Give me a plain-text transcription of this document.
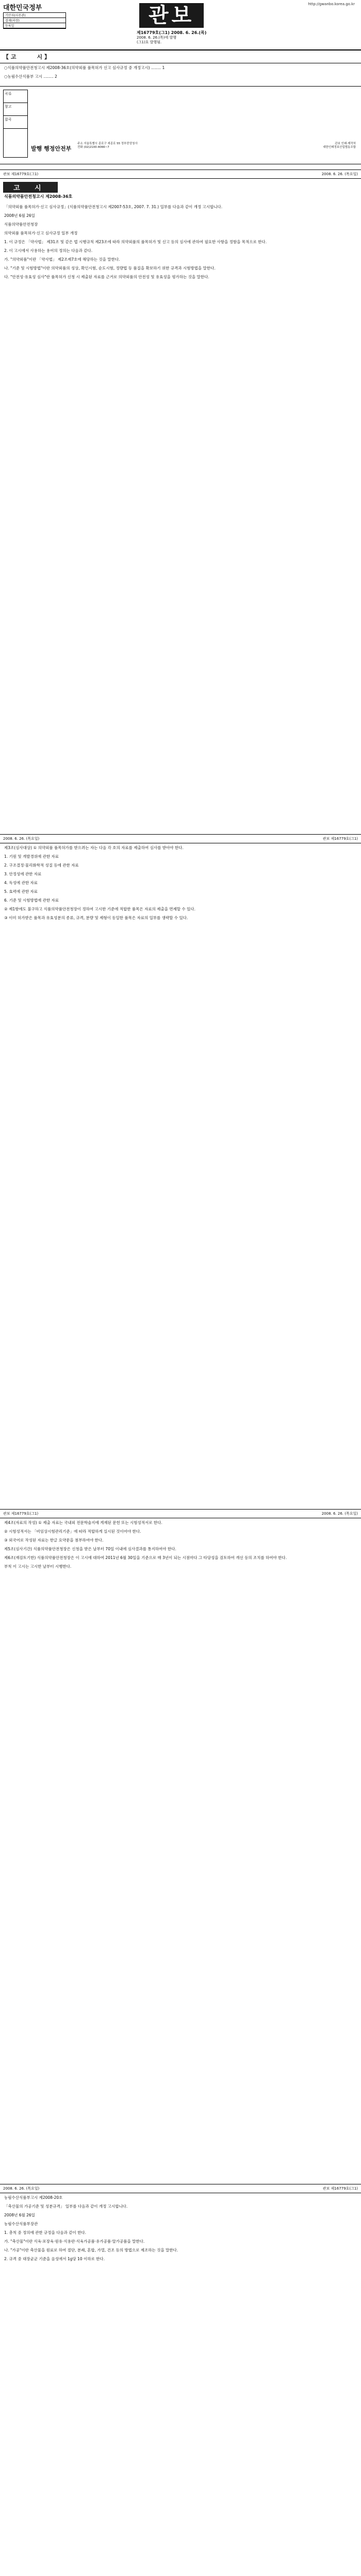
대한민국정부	http://gwanbo.korea.go.kr
기안자(사무관)
결재(과장)
등록일	관보
제16779호(그1) 2008. 6. 26.(목)
2008. 6. 26.(목)에 발행
(그1)호 발행됨.
【 고	시 】

○식품의약품안전청고시 제2008-36호(의약외품 품목허가 신고 심사규정 중 개정고시) ........ 1

○농림수산식품부 고시 ........ 2

곡류
창고
잡곡
발행 행정안전부
주소 서울특별시 종로구 세종로 55 정부중앙청사
전화 (02)2100-4066~7
관보 인쇄·제작처
대한인쇄정보산업협동조합
관보 제16779호(그1)	2008. 6. 26. (목요일)
고 시
식품의약품안전청고시 제2008-36호

「의약외품 품목허가·신고 심사규정」(식품의약품안전청고시 제2007-53호, 2007. 7. 31.) 일부를 다음과 같이 개정 고시합니다.

2008년 6월 26일

식품의약품안전청장

의약외품 품목허가·신고 심사규정 일부 개정

1. 이 규정은 「약사법」 제31조 및 같은 법 시행규칙 제23조에 따라 의약외품의 품목허가 및 신고 등의 심사에 관하여 필요한 사항을 정함을 목적으로 한다.

2. 이 고시에서 사용하는 용어의 정의는 다음과 같다.

가. "의약외품"이란 「약사법」 제2조제7호에 해당하는 것을 말한다.

나. "기준 및 시험방법"이란 의약외품의 성상, 확인시험, 순도시험, 정량법 등 품질을 확보하기 위한 규격과 시험방법을 말한다.

다. "안전성·유효성 심사"란 품목허가 신청 시 제출된 자료를 근거로 의약외품의 안전성 및 유효성을 평가하는 것을 말한다.

2008. 6. 26. (목요일)	관보 제16779호(그1)

제3조(심사대상) ① 의약외품 품목허가를 받으려는 자는 다음 각 호의 자료를 제출하여 심사를 받아야 한다.

1. 기원 및 개발경위에 관한 자료

2. 구조결정·물리화학적 성질 등에 관한 자료

3. 안정성에 관한 자료

4. 독성에 관한 자료

5. 효력에 관한 자료

6. 기준 및 시험방법에 관한 자료

② 제1항에도 불구하고 식품의약품안전청장이 정하여 고시한 기준에 적합한 품목은 자료의 제출을 면제할 수 있다.

③ 이미 허가받은 품목과 유효성분의 종류, 규격, 분량 및 제형이 동일한 품목은 자료의 일부를 생략할 수 있다.

관보 제16779호(그1)	2008. 6. 26. (목요일)

제4조(자료의 작성) ① 제출 자료는 국내외 전문학술지에 게재된 문헌 또는 시험성적서로 한다.

② 시험성적서는 「비임상시험관리기준」에 따라 적합하게 실시된 것이어야 한다.

③ 외국어로 작성된 자료는 한글 요약문을 첨부하여야 한다.

제5조(심사기간) 식품의약품안전청장은 신청을 받은 날부터 70일 이내에 심사결과를 통지하여야 한다.

제6조(재검토기한) 식품의약품안전청장은 이 고시에 대하여 2011년 6월 30일을 기준으로 매 3년이 되는 시점마다 그 타당성을 검토하여 개선 등의 조치를 하여야 한다.

부칙 이 고시는 고시한 날부터 시행한다.

2008. 6. 26. (목요일)	관보 제16779호(그1)

농림수산식품부고시 제2008-20호

「축산물의 가공기준 및 성분규격」 일부를 다음과 같이 개정 고시합니다.

2008년 6월 26일

농림수산식품부장관

1. 총칙 중 정의에 관한 규정을 다음과 같이 한다.

가. "축산물"이란 식육·포장육·원유·식용란·식육가공품·유가공품·알가공품을 말한다.

나. "가공"이란 축산물을 원료로 하여 절단, 분쇄, 혼합, 가열, 건조 등의 방법으로 제조하는 것을 말한다.

2. 규격 중 대장균군 기준을 음성에서 1g당 10 이하로 한다.
